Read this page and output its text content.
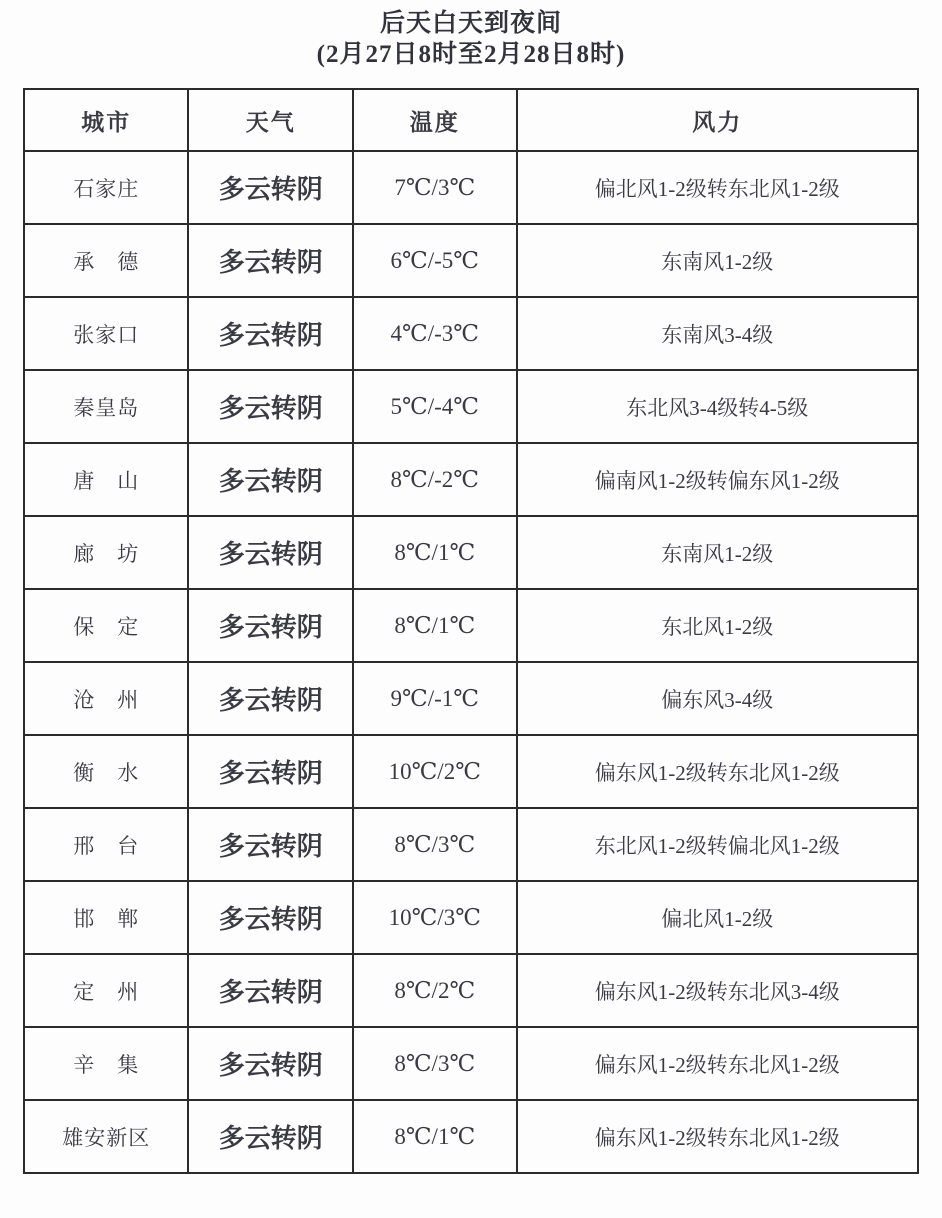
后天白天到夜间
(2月27日8时至2月28日8时)
城市	天气	温度	风力
石家庄	多云转阴	7℃/3℃	偏北风1-2级转东北风1-2级
承　德	多云转阴	6℃/-5℃	东南风1-2级
张家口	多云转阴	4℃/-3℃	东南风3-4级
秦皇岛	多云转阴	5℃/-4℃	东北风3-4级转4-5级
唐　山	多云转阴	8℃/-2℃	偏南风1-2级转偏东风1-2级
廊　坊	多云转阴	8℃/1℃	东南风1-2级
保　定	多云转阴	8℃/1℃	东北风1-2级
沧　州	多云转阴	9℃/-1℃	偏东风3-4级
衡　水	多云转阴	10℃/2℃	偏东风1-2级转东北风1-2级
邢　台	多云转阴	8℃/3℃	东北风1-2级转偏北风1-2级
邯　郸	多云转阴	10℃/3℃	偏北风1-2级
定　州	多云转阴	8℃/2℃	偏东风1-2级转东北风3-4级
辛　集	多云转阴	8℃/3℃	偏东风1-2级转东北风1-2级
雄安新区	多云转阴	8℃/1℃	偏东风1-2级转东北风1-2级
